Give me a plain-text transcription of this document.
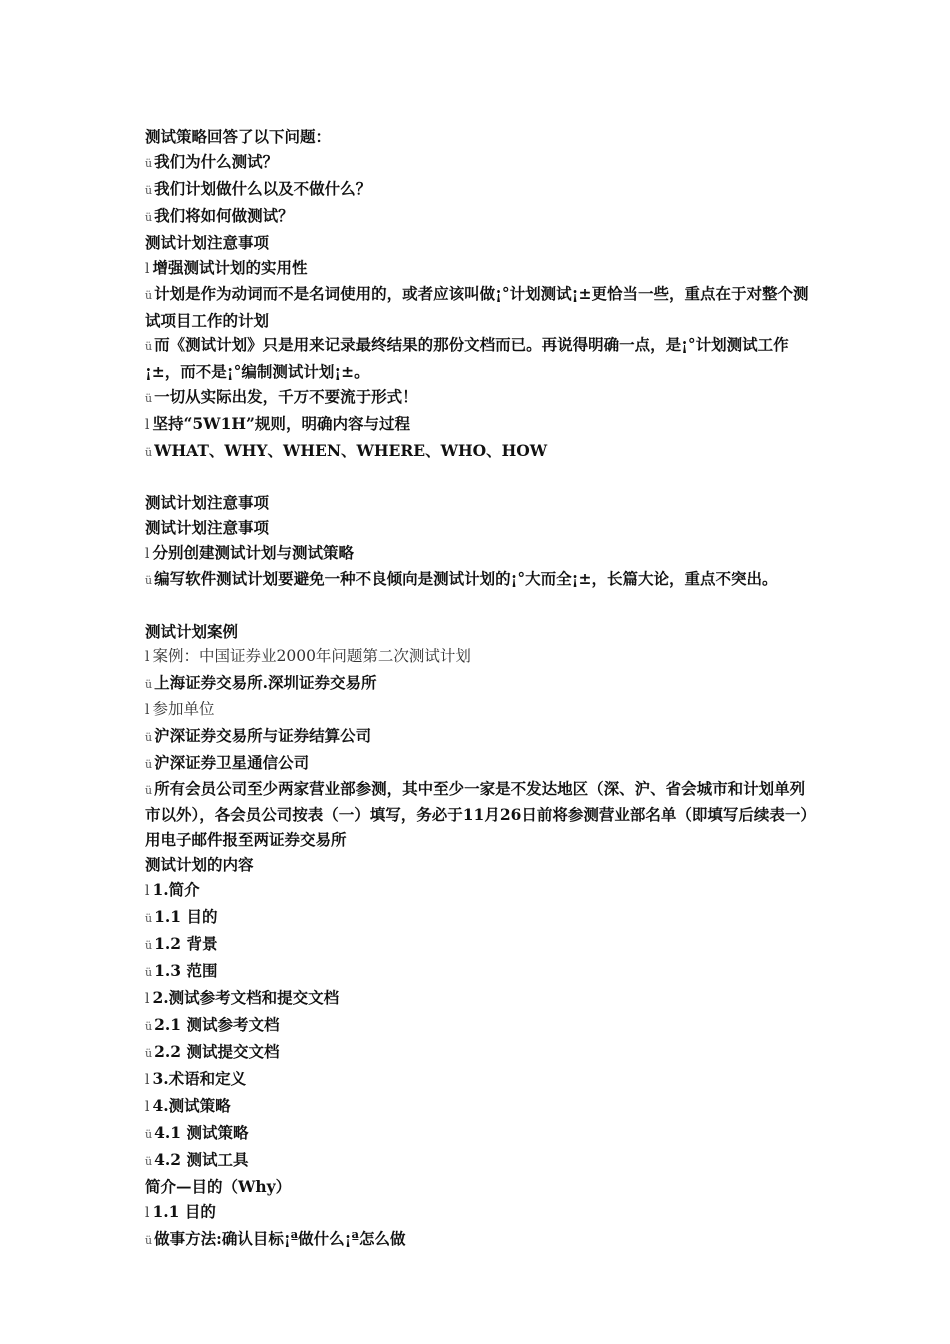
测试策略回答了以下问题：
ü 我们为什么测试？
ü 我们计划做什么以及不做什么？
ü 我们将如何做测试？
测试计划注意事项
l 增强测试计划的实用性
ü 计划是作为动词而不是名词使用的，或者应该叫做¡°计划测试¡±更恰当一些，重点在于对整个测试项目工作的计划
ü 而《测试计划》只是用来记录最终结果的那份文档而已。再说得明确一点，是¡°计划测试工作¡±，而不是¡°编制测试计划¡±。
ü 一切从实际出发，千万不要流于形式！
l 坚持“5W1H”规则，明确内容与过程
ü WHAT、WHY、WHEN、WHERE、WHO、HOW
测试计划注意事项
测试计划注意事项
l 分别创建测试计划与测试策略
ü 编写软件测试计划要避免一种不良倾向是测试计划的¡°大而全¡±，长篇大论，重点不突出。
测试计划案例
l 案例：中国证券业2000年问题第二次测试计划
ü 上海证券交易所.深圳证券交易所
l 参加单位
ü 沪深证券交易所与证券结算公司
ü 沪深证券卫星通信公司
ü 所有会员公司至少两家营业部参测，其中至少一家是不发达地区（深、沪、省会城市和计划单列市以外），各会员公司按表（一）填写，务必于11月26日前将参测营业部名单（即填写后续表一）用电子邮件报至两证券交易所
测试计划的内容
l 1.简介
ü 1.1 目的
ü 1.2 背景
ü 1.3 范围
l 2.测试参考文档和提交文档
ü 2.1 测试参考文档
ü 2.2 测试提交文档
l 3.术语和定义
l 4.测试策略
ü 4.1 测试策略
ü 4.2 测试工具
简介—目的（Why）
l 1.1 目的
ü 做事方法:确认目标¡ª做什么¡ª怎么做
